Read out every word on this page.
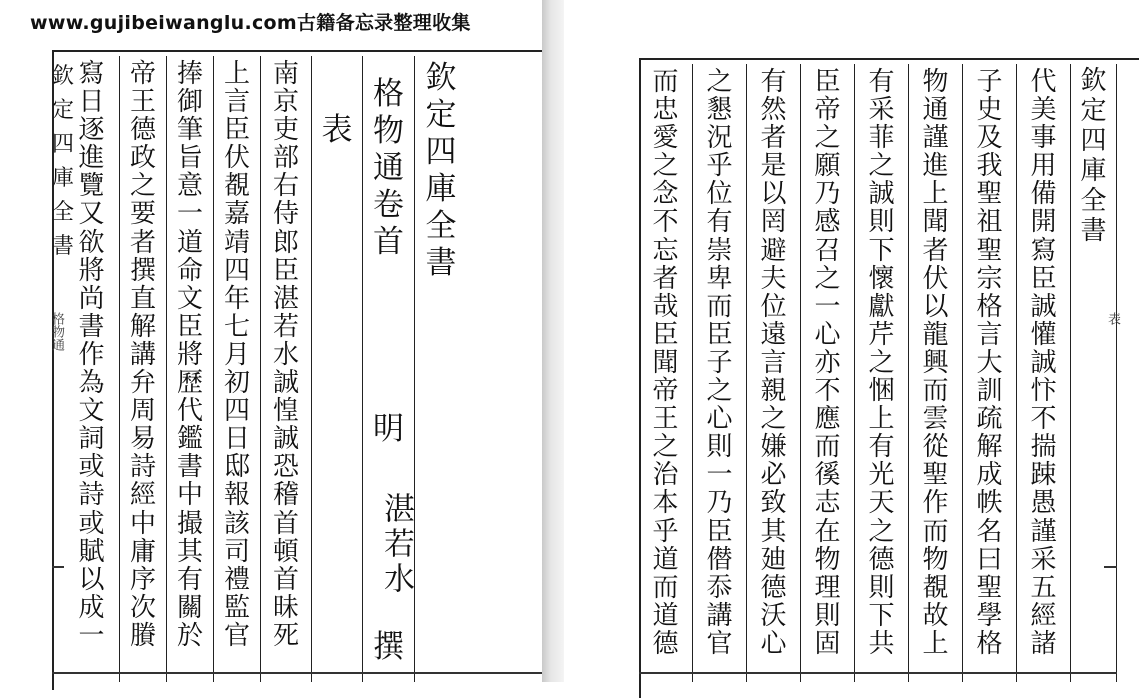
www.gujibeiwanglu.com古籍备忘录整理收集
欽
定
四
庫
全
書
格物通
寫
日
逐
進
覽
又
欲
將
尚
書
作
為
文
詞
或
詩
或
賦
以
成
一
帝
王
德
政
之
要
者
撰
直
解
講
弁
周
易
詩
經
中
庸
序
次
賸
捧
御
筆
旨
意
一
道
命
文
臣
將
歷
代
鑑
書
中
撮
其
有
關
於
上
言
臣
伏
覩
嘉
靖
四
年
七
月
初
四
日
邸
報
該
司
禮
監
官
南
京
吏
部
右
侍
郎
臣
湛
若
水
誠
惶
誠
恐
稽
首
頓
首
昧
死
表
格
物
通
卷
首
明
湛若水
撰
欽
定
四
庫
全
書
而
忠
愛
之
念
不
忘
者
哉
臣
聞
帝
王
之
治
本
乎
道
而
道
德
之
懇
況
乎
位
有
崇
卑
而
臣
子
之
心
則
一
乃
臣
僣
忝
講
官
有
然
者
是
以
罔
避
夫
位
遠
言
親
之
嫌
必
致
其
廸
德
沃
心
臣
帝
之
願
乃
感
召
之
一
心
亦
不
應
而
徯
志
在
物
理
則
固
有
采
菲
之
誠
則
下
懷
獻
芹
之
悃
上
有
光
天
之
德
則
下
共
物
通
謹
進
上
聞
者
伏
以
龍
興
而
雲
從
聖
作
而
物
覩
故
上
子
史
及
我
聖
祖
聖
宗
格
言
大
訓
疏
解
成
帙
名
曰
聖
學
格
代
美
事
用
備
開
寫
臣
誠
懽
誠
忭
不
揣
踈
愚
謹
采
五
經
諸
欽
定
四
庫
全
書
表
